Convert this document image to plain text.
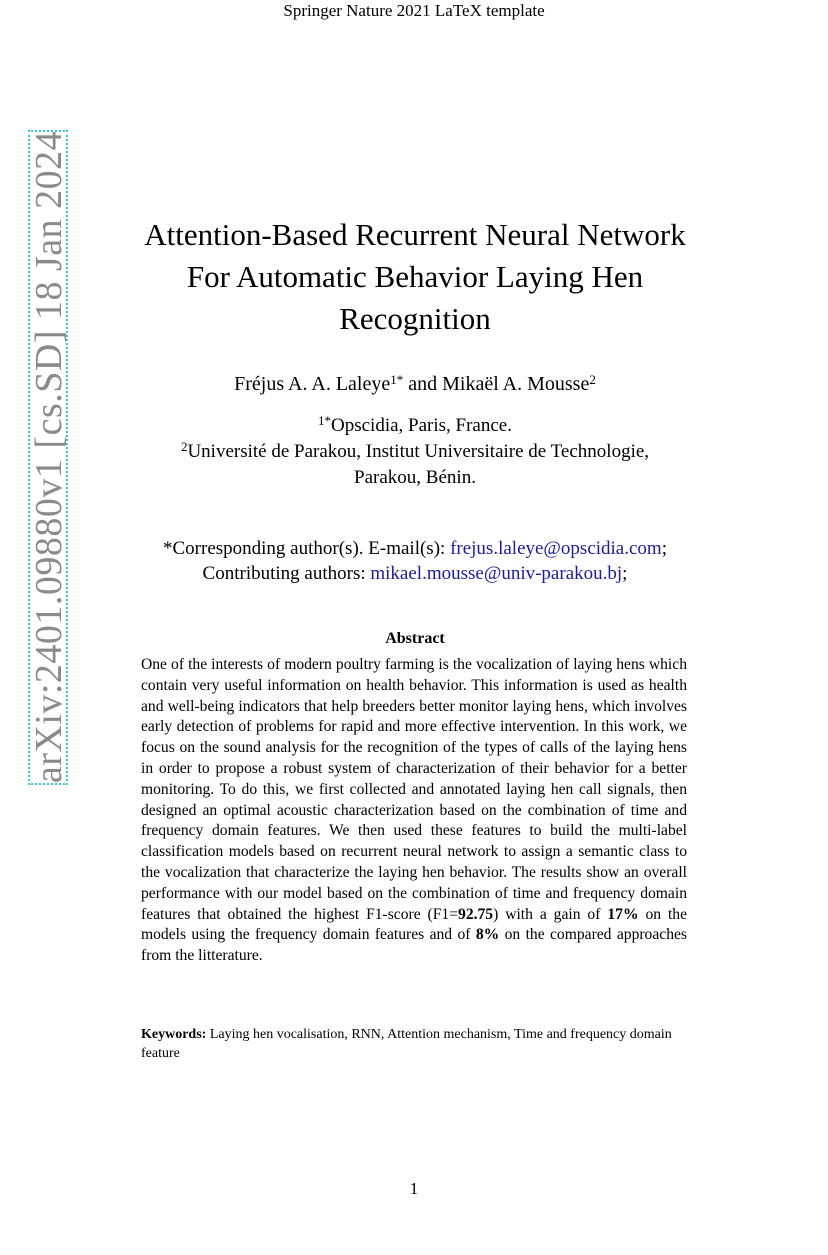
Springer Nature 2021 LaTeX template
arXiv:2401.09880v1 [cs.SD] 18 Jan 2024	Attention-Based Recurrent Neural Network
For Automatic Behavior Laying Hen
Recognition
Fréjus A. A. Laleye$^{1*}$ and Mikaël A. Mousse$^2$
$^{1*}$Opscidia, Paris, France.
$^2$Université de Parakou, Institut Universitaire de Technologie,
Parakou, Bénin.
*Corresponding author(s). E-mail(s): frejus.laleye@opscidia.com;
Contributing authors: mikael.mousse@univ-parakou.bj;
Abstract
One of the interests of modern poultry farming is the vocalization of laying hens which contain very useful information on health behavior. This information is used as health and well-being indicators that help breeders better monitor laying hens, which involves early detection of problems for rapid and more effective intervention. In this work, we focus on the sound analysis for the recognition of the types of calls of the laying hens in order to propose a robust system of characterization of their behavior for a better monitoring. To do this, we first collected and annotated laying hen call signals, then designed an optimal acoustic characterization based on the combination of time and frequency domain features. We then used these features to build the multi-label classification models based on recurrent neural network to assign a semantic class to the vocalization that characterize the laying hen behavior. The results show an overall performance with our model based on the combination of time and frequency domain features that obtained the highest F1-score (F1=92.75) with a gain of 17% on the models using the frequency domain features and of 8% on the compared approaches from the litterature.
Keywords: Laying hen vocalisation, RNN, Attention mechanism, Time and frequency domain feature
1
